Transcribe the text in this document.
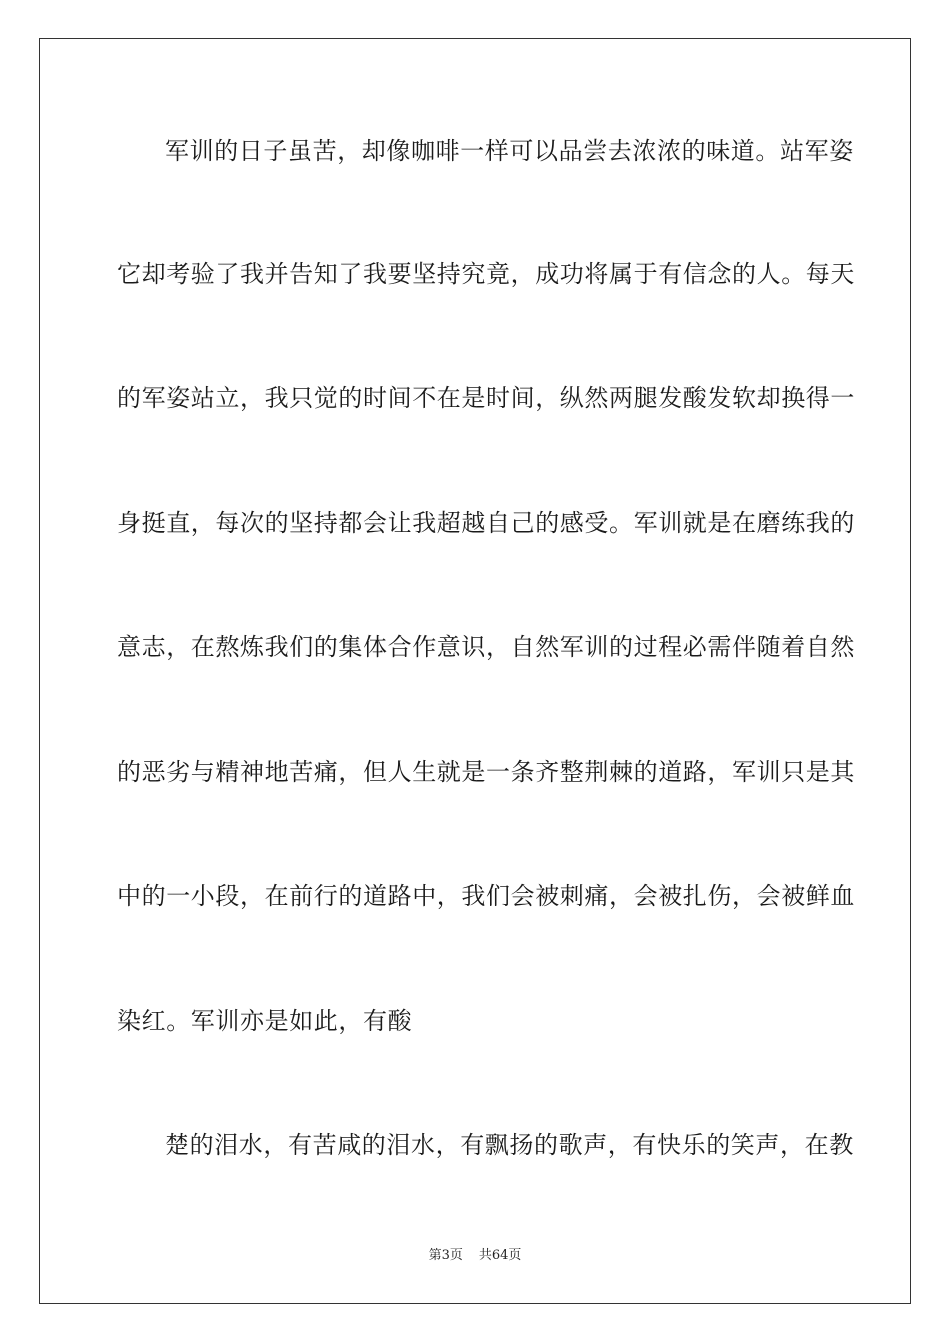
军训的日子虽苦，却像咖啡一样可以品尝去浓浓的味道。站军姿
它却考验了我并告知了我要坚持究竟，成功将属于有信念的人。每天
的军姿站立，我只觉的时间不在是时间，纵然两腿发酸发软却换得一
身挺直，每次的坚持都会让我超越自己的感受。军训就是在磨练我的
意志，在熬炼我们的集体合作意识，自然军训的过程必需伴随着自然
的恶劣与精神地苦痛，但人生就是一条齐整荆棘的道路，军训只是其
中的一小段，在前行的道路中，我们会被刺痛，会被扎伤，会被鲜血
染红。军训亦是如此，有酸
楚的泪水，有苦咸的泪水，有飘扬的歌声，有快乐的笑声，在教
第3页 共64页
